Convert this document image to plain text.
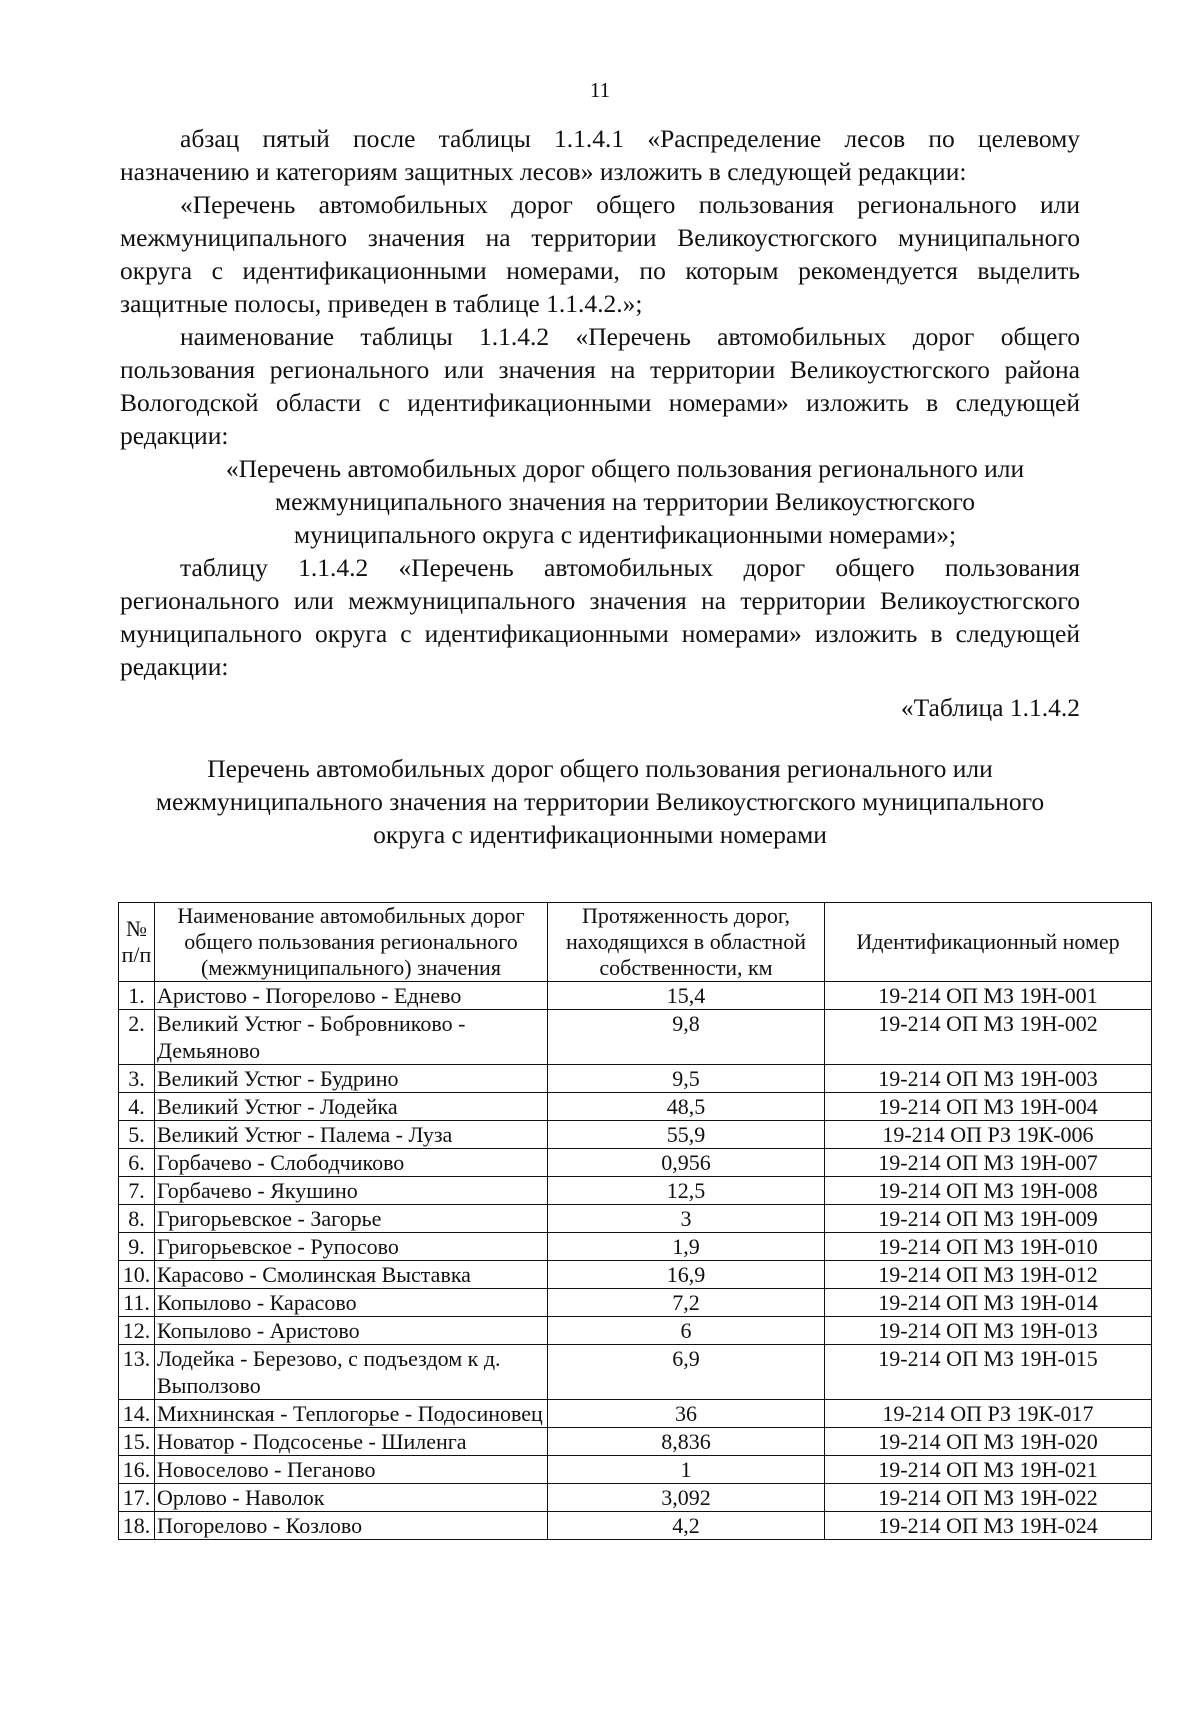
11

абзац пятый после таблицы 1.1.4.1 «Распределение лесов по целевому назначению и категориям защитных лесов» изложить в следующей редакции:

«Перечень автомобильных дорог общего пользования регионального или межмуниципального значения на территории Великоустюгского муниципального округа с идентификационными номерами, по которым рекомендуется выделить защитные полосы, приведен в таблице 1.1.4.2.»;

наименование таблицы 1.1.4.2 «Перечень автомобильных дорог общего пользования регионального или значения на территории Великоустюгского района Вологодской области с идентификационными номерами» изложить в следующей редакции:

«Перечень автомобильных дорог общего пользования регионального или межмуниципального значения на территории Великоустюгского муниципального округа с идентификационными номерами»;

таблицу 1.1.4.2 «Перечень автомобильных дорог общего пользования регионального или межмуниципального значения на территории Великоустюгского муниципального округа с идентификационными номерами» изложить в следующей редакции:

«Таблица 1.1.4.2

Перечень автомобильных дорог общего пользования регионального или межмуниципального значения на территории Великоустюгского муниципального округа с идентификационными номерами
№ п/п	Наименование автомобильных дорог общего пользования регионального (межмуниципального) значения	Протяженность дорог, находящихся в областной собственности, км	Идентификационный номер
1.	Аристово - Погорелово - Еднево	15,4	19-214 ОП МЗ 19Н-001
2.	Великий Устюг - Бобровниково - Демьяново	9,8	19-214 ОП МЗ 19Н-002
3.	Великий Устюг - Будрино	9,5	19-214 ОП МЗ 19Н-003
4.	Великий Устюг - Лодейка	48,5	19-214 ОП МЗ 19Н-004
5.	Великий Устюг - Палема - Луза	55,9	19-214 ОП РЗ 19К-006
6.	Горбачево - Слободчиково	0,956	19-214 ОП МЗ 19Н-007
7.	Горбачево - Якушино	12,5	19-214 ОП МЗ 19Н-008
8.	Григорьевское - Загорье	3	19-214 ОП МЗ 19Н-009
9.	Григорьевское - Рупосово	1,9	19-214 ОП МЗ 19Н-010
10.	Карасово - Смолинская Выставка	16,9	19-214 ОП МЗ 19Н-012
11.	Копылово - Карасово	7,2	19-214 ОП МЗ 19Н-014
12.	Копылово - Аристово	6	19-214 ОП МЗ 19Н-013
13.	Лодейка - Березово, с подъездом к д. Выползово	6,9	19-214 ОП МЗ 19Н-015
14.	Михнинская - Теплогорье - Подосиновец	36	19-214 ОП РЗ 19К-017
15.	Новатор - Подсосенье - Шиленга	8,836	19-214 ОП МЗ 19Н-020
16.	Новоселово - Пеганово	1	19-214 ОП МЗ 19Н-021
17.	Орлово - Наволок	3,092	19-214 ОП МЗ 19Н-022
18.	Погорелово - Козлово	4,2	19-214 ОП МЗ 19Н-024
